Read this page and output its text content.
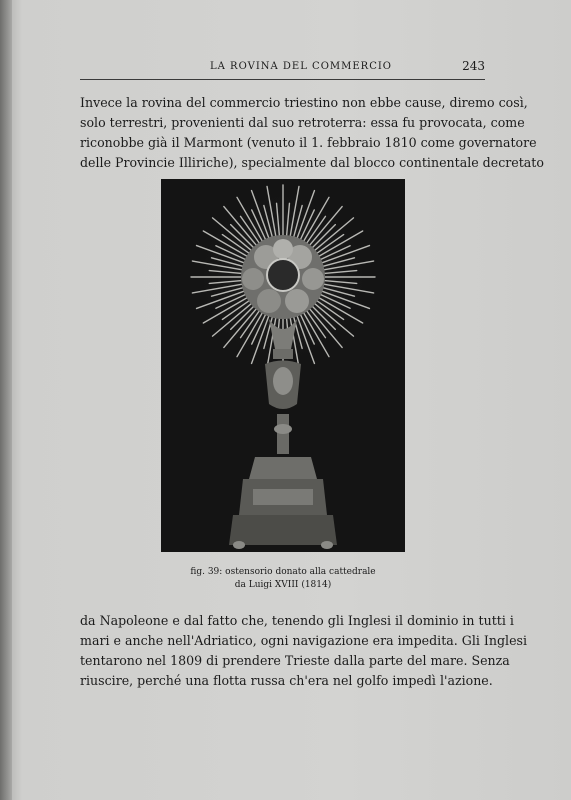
LA ROVINA DEL COMMERCIO	243
Invece la rovina del commercio triestino non ebbe cause, diremo così,
solo terrestri, provenienti dal suo retroterra: essa fu provocata, come
riconobbe già il Marmont (venuto il 1. febbraio 1810 come governatore
delle Provincie Illiriche), specialmente dal blocco continentale decretato
fig. 39: ostensorio donato alla cattedrale
da Luigi XVIII (1814)
da Napoleone e dal fatto che, tenendo gli Inglesi il dominio in tutti i
mari e anche nell'Adriatico, ogni navigazione era impedita. Gli Inglesi
tentarono nel 1809 di prendere Trieste dalla parte del mare. Senza
riuscire, perché una flotta russa ch'era nel golfo impedì l'azione.
